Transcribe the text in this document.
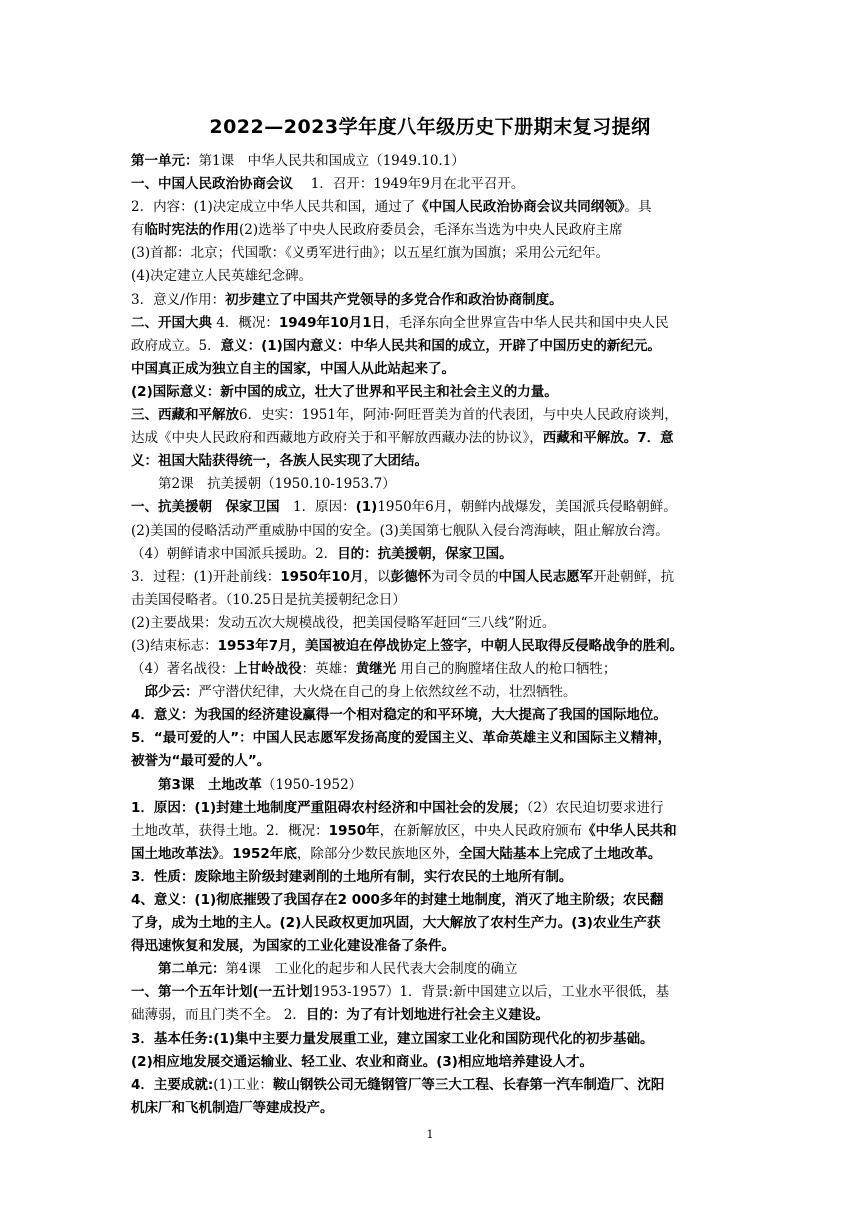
2022—2023学年度八年级历史下册期末复习提纲
第一单元：第1课　中华人民共和国成立（1949.10.1）
一、中国人民政治协商会议　 1．召开：1949年9月在北平召开。
2．内容：(1)决定成立中华人民共和国，通过了《中国人民政治协商会议共同纲领》。具
有临时宪法的作用(2)选举了中央人民政府委员会，毛泽东当选为中央人民政府主席
(3)首都：北京；代国歌：《义勇军进行曲》；以五星红旗为国旗；采用公元纪年。
(4)决定建立人民英雄纪念碑。
3．意义/作用：初步建立了中国共产党领导的多党合作和政治协商制度。
二、开国大典 4．概况：1949年10月1日，毛泽东向全世界宣告中华人民共和国中央人民
政府成立。5．意义：(1)国内意义：中华人民共和国的成立，开辟了中国历史的新纪元。
中国真正成为独立自主的国家，中国人从此站起来了。
(2)国际意义：新中国的成立，壮大了世界和平民主和社会主义的力量。
三、西藏和平解放6．史实：1951年，阿沛·阿旺晋美为首的代表团，与中央人民政府谈判，
达成《中央人民政府和西藏地方政府关于和平解放西藏办法的协议》，西藏和平解放。7．意
义：祖国大陆获得统一，各族人民实现了大团结。
　　第2课　抗美援朝（1950.10-1953.7）
一、抗美援朝　保家卫国　1．原因：(1)1950年6月，朝鲜内战爆发，美国派兵侵略朝鲜。
(2)美国的侵略活动严重威胁中国的安全。(3)美国第七舰队入侵台湾海峡，阻止解放台湾。
（4）朝鲜请求中国派兵援助。2．目的：抗美援朝，保家卫国。
3．过程：(1)开赴前线：1950年10月，以彭德怀为司令员的中国人民志愿军开赴朝鲜，抗
击美国侵略者。（10.25日是抗美援朝纪念日）
(2)主要战果：发动五次大规模战役，把美国侵略军赶回“三八线”附近。
(3)结束标志：1953年7月，美国被迫在停战协定上签字，中朝人民取得反侵略战争的胜利。
（4）著名战役：上甘岭战役：英雄：黄继光 用自己的胸膛堵住敌人的枪口牺牲；
　邱少云：严守潜伏纪律，大火烧在自己的身上依然纹丝不动，壮烈牺牲。
4．意义：为我国的经济建设赢得一个相对稳定的和平环境，大大提高了我国的国际地位。
5．“最可爱的人”：中国人民志愿军发扬高度的爱国主义、革命英雄主义和国际主义精神，
被誉为“最可爱的人”。
　　第3课　土地改革（1950-1952）
1．原因：(1)封建土地制度严重阻碍农村经济和中国社会的发展；（2）农民迫切要求进行
土地改革，获得土地。2．概况：1950年，在新解放区，中央人民政府颁布《中华人民共和
国土地改革法》。1952年底，除部分少数民族地区外，全国大陆基本上完成了土地改革。
3．性质：废除地主阶级封建剥削的土地所有制，实行农民的土地所有制。
4、意义：(1)彻底摧毁了我国存在2 000多年的封建土地制度，消灭了地主阶级；农民翻
了身，成为土地的主人。(2)人民政权更加巩固，大大解放了农村生产力。(3)农业生产获
得迅速恢复和发展，为国家的工业化建设准备了条件。
　　第二单元：第4课　工业化的起步和人民代表大会制度的确立
一、第一个五年计划(一五计划1953-1957）1．背景:新中国建立以后，工业水平很低，基
础薄弱，而且门类不全。 2．目的：为了有计划地进行社会主义建设。
3．基本任务:(1)集中主要力量发展重工业，建立国家工业化和国防现代化的初步基础。
(2)相应地发展交通运输业、轻工业、农业和商业。(3)相应地培养建设人才。
4．主要成就:(1)工业：鞍山钢铁公司无缝钢管厂等三大工程、长春第一汽车制造厂、沈阳
机床厂和飞机制造厂等建成投产。
1
